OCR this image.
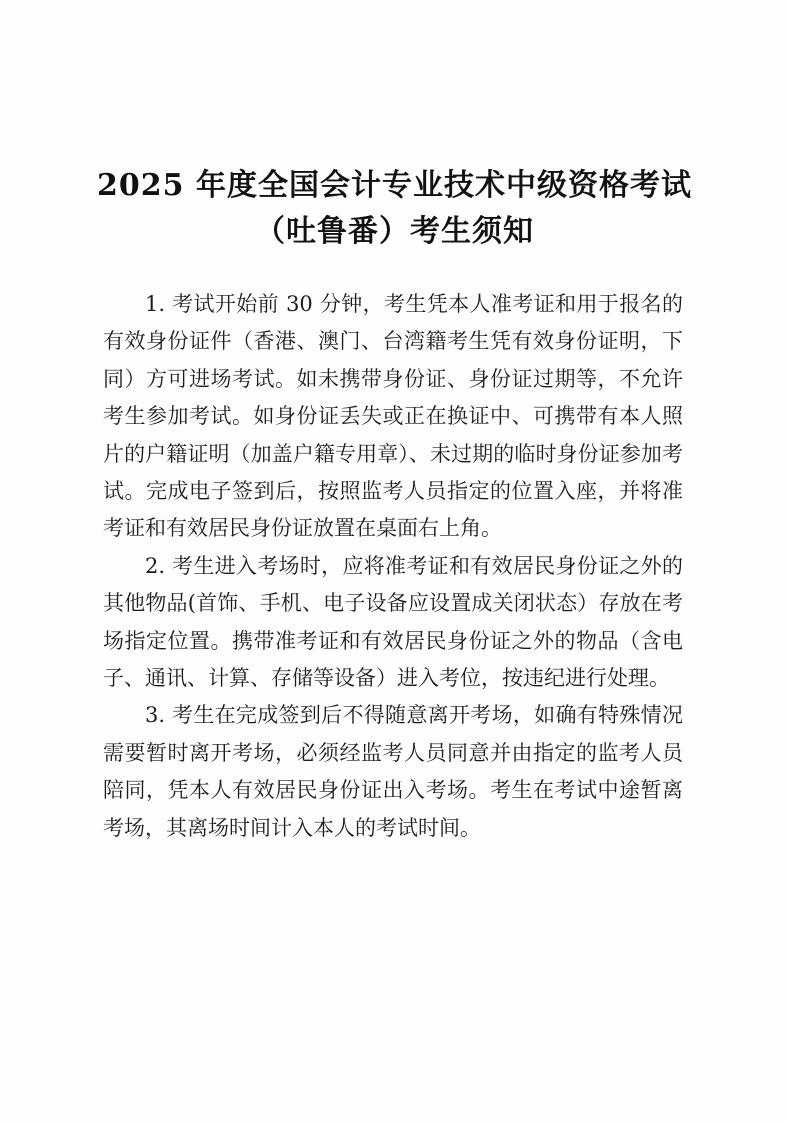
2025 年度全国会计专业技术中级资格考试
（吐鲁番）考生须知

1. 考试开始前 30 分钟，考生凭本人准考证和用于报名的有效身份证件（香港、澳门、台湾籍考生凭有效身份证明，下同）方可进场考试。如未携带身份证、身份证过期等，不允许考生参加考试。如身份证丢失或正在换证中、可携带有本人照片的户籍证明（加盖户籍专用章）、未过期的临时身份证参加考试。完成电子签到后，按照监考人员指定的位置入座，并将准考证和有效居民身份证放置在桌面右上角。

2. 考生进入考场时，应将准考证和有效居民身份证之外的其他物品(首饰、手机、电子设备应设置成关闭状态）存放在考场指定位置。携带准考证和有效居民身份证之外的物品（含电子、通讯、计算、存储等设备）进入考位，按违纪进行处理。

3. 考生在完成签到后不得随意离开考场，如确有特殊情况需要暂时离开考场，必须经监考人员同意并由指定的监考人员陪同，凭本人有效居民身份证出入考场。考生在考试中途暂离考场，其离场时间计入本人的考试时间。
